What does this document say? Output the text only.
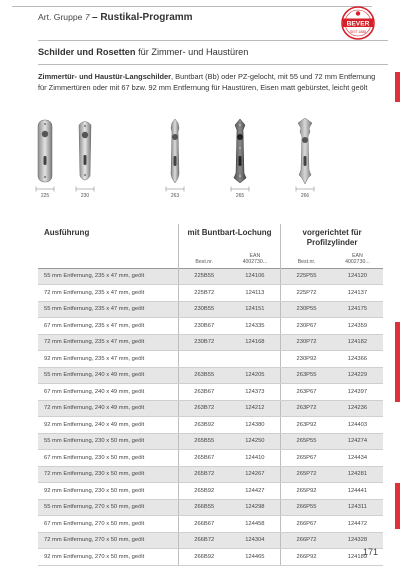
Art. Gruppe 7 – Rustikal-Programm
BEVER
SEIT 1888
Schilder und Rosetten für Zimmer- und Haustüren
Zimmertür- und Haustür-Langschilder, Buntbart (Bb) oder PZ-gelocht, mit 55 und 72 mm Entfernung für Zimmertüren oder mit 67 bzw. 92 mm Entfernung für Haustüren, Eisen matt gebürstet, leicht geölt
225	230	263	265	266
Ausführung	mit Buntbart-Lochung		vorgerichtet für Profilzylinder	
	Best.nr.	EAN
4002730...	Best.nr.	EAN
4002730...
55 mm Entfernung, 235 x 47 mm, geölt	225B55	124106	225P55	124120
72 mm Entfernung, 235 x 47 mm, geölt	225B72	124113	225P72	124137
55 mm Entfernung, 235 x 47 mm, geölt	230B55	124151	230P55	124175
67 mm Entfernung, 235 x 47 mm, geölt	230B67	124335	230P67	124359
72 mm Entfernung, 235 x 47 mm, geölt	230B72	124168	230P72	124182
92 mm Entfernung, 235 x 47 mm, geölt			230P92	124366
55 mm Entfernung, 240 x 49 mm, geölt	263B55	124205	263P55	124229
67 mm Entfernung, 240 x 49 mm, geölt	263B67	124373	263P67	124397
72 mm Entfernung, 240 x 49 mm, geölt	263B72	124212	263P72	124236
92 mm Entfernung, 240 x 49 mm, geölt	263B92	124380	263P92	124403
55 mm Entfernung, 230 x 50 mm, geölt	265B55	124250	265P55	124274
67 mm Entfernung, 230 x 50 mm, geölt	265B67	124410	265P67	124434
72 mm Entfernung, 230 x 50 mm, geölt	265B72	124267	265P72	124281
92 mm Entfernung, 230 x 50 mm, geölt	265B92	124427	265P92	124441
55 mm Entfernung, 270 x 50 mm, geölt	266B55	124298	266P55	124311
67 mm Entfernung, 270 x 50 mm, geölt	266B67	124458	266P67	124472
72 mm Entfernung, 270 x 50 mm, geölt	266B72	124304	266P72	124328
92 mm Entfernung, 270 x 50 mm, geölt	266B92	124465	266P92	124189
171
